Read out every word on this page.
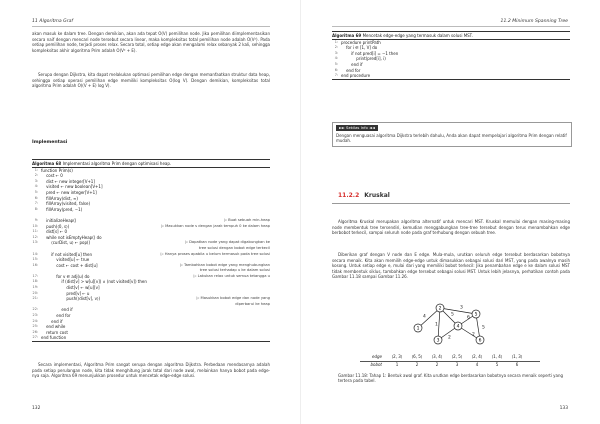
11 Algoritma Graf
akan masuk ke dalam tree. Dengan demikian, akan ada tepat O(V) pemilihan node. Jika pemilihan diimplementasikan secara naif dengan mencari node tersebut secara linear, maka kompleksitas total pemilihan node adalah O(V²). Pada setiap pemilihan node, terjadi proses relax. Secara total, setiap edge akan mengalami relax sebanyak 2 kali, sehingga kompleksitas akhir algoritma Prim adalah O(V² + E).
Serupa dengan Dijkstra, kita dapat melakukan optimasi pemilihan edge dengan memanfaatkan struktur data heap, sehingga setiap operasi pemilihan edge memiliki kompleksitas O(log V). Dengan demikian, kompleksitas total algoritma Prim adalah O((V + E) log V).
Implementasi
Algoritma 68 Implementasi algoritma Prim dengan optimisasi heap.
1: function Prim(s)
2: cost ← 0
3: dist ← new integer[V+1]
4: visited ← new boolean[V+1]
5: pred ← new integer[V+1]
6: fillArray(dist, ∞)
7: fillArray(visited, false)
8: fillArray(pred, −1)
9: initializeHeap()	▷ Buat sebuah min-heap
10: push(⟨0, s⟩)	▷ Masukkan node s dengan jarak tempuh 0 ke dalam heap
11: dist[s] ← 0
12: while not isEmptyHeap() do
13: ⟨curDist, u⟩ ← pop()	▷ Dapatkan node yang dapat digabungkan ke
tree solusi dengan bobot edge terkecil
14: if not visited[u] then	▷ Hanya proses apabila u belum termasuk pada tree solusi
15: visited[u] ← true
16: cost ← cost + dist[u]	▷ Tambahkan bobot edge yang menghubungkan
tree solusi terhadap u ke dalam solusi
17: for v ∈ adj(u) do	▷ Lakukan relax untuk semua tetangga u
18: if (dist[v] > w[u][v]) ∧ (not visited[v]) then
19: dist[v] ← w[u][v]
20: pred[v] ← u
21: push(⟨dist[v], v⟩)	▷ Masukkan bobot edge dan node yang
diperbarui ke heap
22: end if
23: end for
24: end if
25: end while
26: return cost
27: end function
Secara implementasi, Algoritma Prim sangat serupa dengan algoritma Dijkstra. Perbedaan mendasarnya adalah pada setiap perulangan node, kita tidak menghitung jarak total dari node awal, melainkan hanya bobot pada edge-nya saja. Algoritma 69 menunjukkan prosedur untuk mencetak edge-edge solusi.
132
11.2 Minimum Spanning Tree
Algoritma 69 Mencetak edge-edge yang termasuk dalam solusi MST.
1: procedure printPath
2: for i ∈ [1, V] do
3: if not pred[i] = −1 then
4: print(pred[i], i)
5: end if
6: end for
7: end procedure
►► Sekilas Info ◄◄
Dengan menguasai algoritma Dijkstra terlebih dahulu, Anda akan dapat mempelajari algoritma Prim dengan relatif mudah.
11.2.2 Kruskal
Algoritma Kruskal merupakan algoritma alternatif untuk mencari MST. Kruskal memulai dengan masing-masing node membentuk tree tersendiri, kemudian menggabungkan tree-tree tersebut dengan terus menambahkan edge berbobot terkecil, sampai seluruh node pada graf terhubung dengan sebuah tree.
Diberikan graf dengan V node dan E edge. Mula-mula, urutkan seluruh edge tersebut berdasarkan bobotnya secara menaik. Kita akan memilih edge-edge untuk dimasukkan sebagai solusi dari MST, yang pada awalnya masih kosong. Untuk setiap edge e, mulai dari yang memiliki bobot terkecil: Jika penambahan edge e ke dalam solusi MST tidak membentuk siklus, tambahkan edge tersebut sebagai solusi MST. Untuk lebih jelasnya, perhatikan contoh pada Gambar 11.18 sampai Gambar 11.26.
4
1
5
3
2
6
2
5
1
2
3
4
5
6
edge	⟨2, 3⟩	⟨6, 5⟩	⟨3, 4⟩	⟨2, 5⟩	⟨2, 4⟩	⟨1, 4⟩	⟨1, 3⟩
bobot	1	2	2	3	4	5	6
Gambar 11.18: Tahap 1: Bentuk awal graf. Kita urutkan edge berdasarkan bobotnya secara menaik seperti yang tertera pada tabel.
133
